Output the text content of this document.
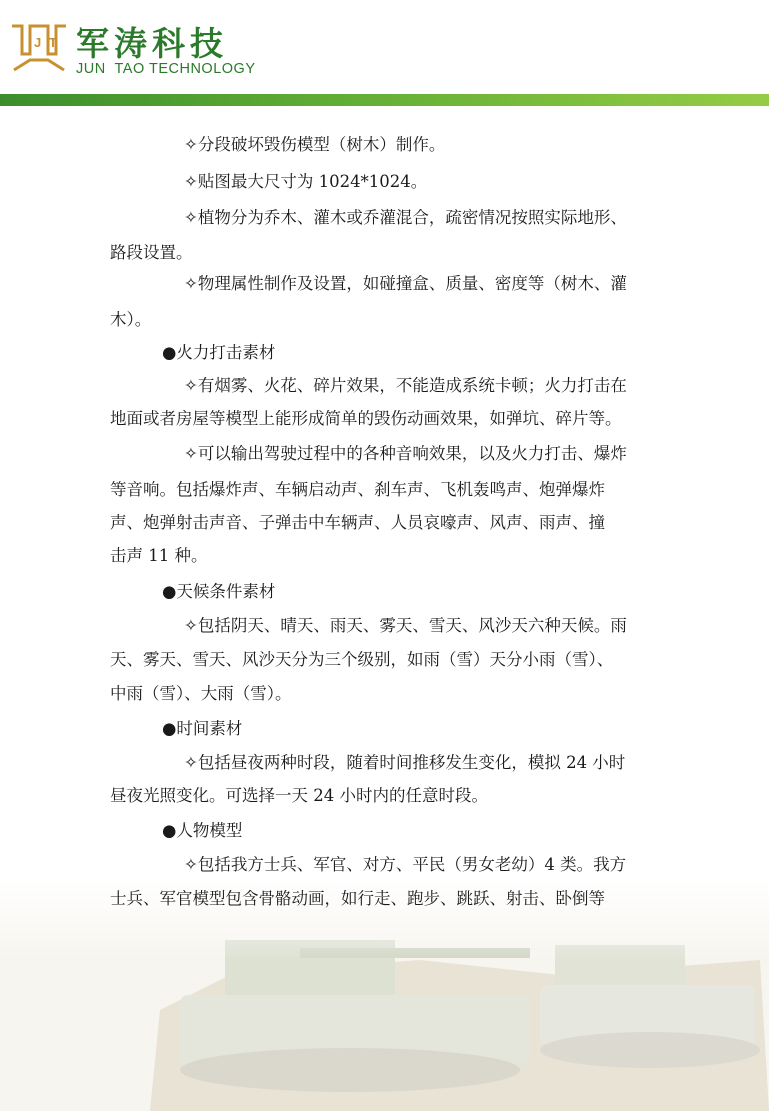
J T 军涛科技
JUN  TAO TECHNOLOGY
✧分段破坏毁伤模型（树木）制作。
✧贴图最大尺寸为 1024*1024。
✧植物分为乔木、灌木或乔灌混合，疏密情况按照实际地形、
路段设置。
✧物理属性制作及设置，如碰撞盒、质量、密度等（树木、灌
木）。
●火力打击素材
✧有烟雾、火花、碎片效果，不能造成系统卡顿；火力打击在
地面或者房屋等模型上能形成简单的毁伤动画效果，如弹坑、碎片等。
✧可以输出驾驶过程中的各种音响效果，以及火力打击、爆炸
等音响。包括爆炸声、车辆启动声、刹车声、飞机轰鸣声、炮弹爆炸
声、炮弹射击声音、子弹击中车辆声、人员哀嚎声、风声、雨声、撞
击声 11 种。
●天候条件素材
✧包括阴天、晴天、雨天、雾天、雪天、风沙天六种天候。雨
天、雾天、雪天、风沙天分为三个级别，如雨（雪）天分小雨（雪）、
中雨（雪）、大雨（雪）。
●时间素材
✧包括昼夜两种时段，随着时间推移发生变化，模拟 24 小时
昼夜光照变化。可选择一天 24 小时内的任意时段。
●人物模型
✧包括我方士兵、军官、对方、平民（男女老幼）4 类。我方
士兵、军官模型包含骨骼动画，如行走、跑步、跳跃、射击、卧倒等
